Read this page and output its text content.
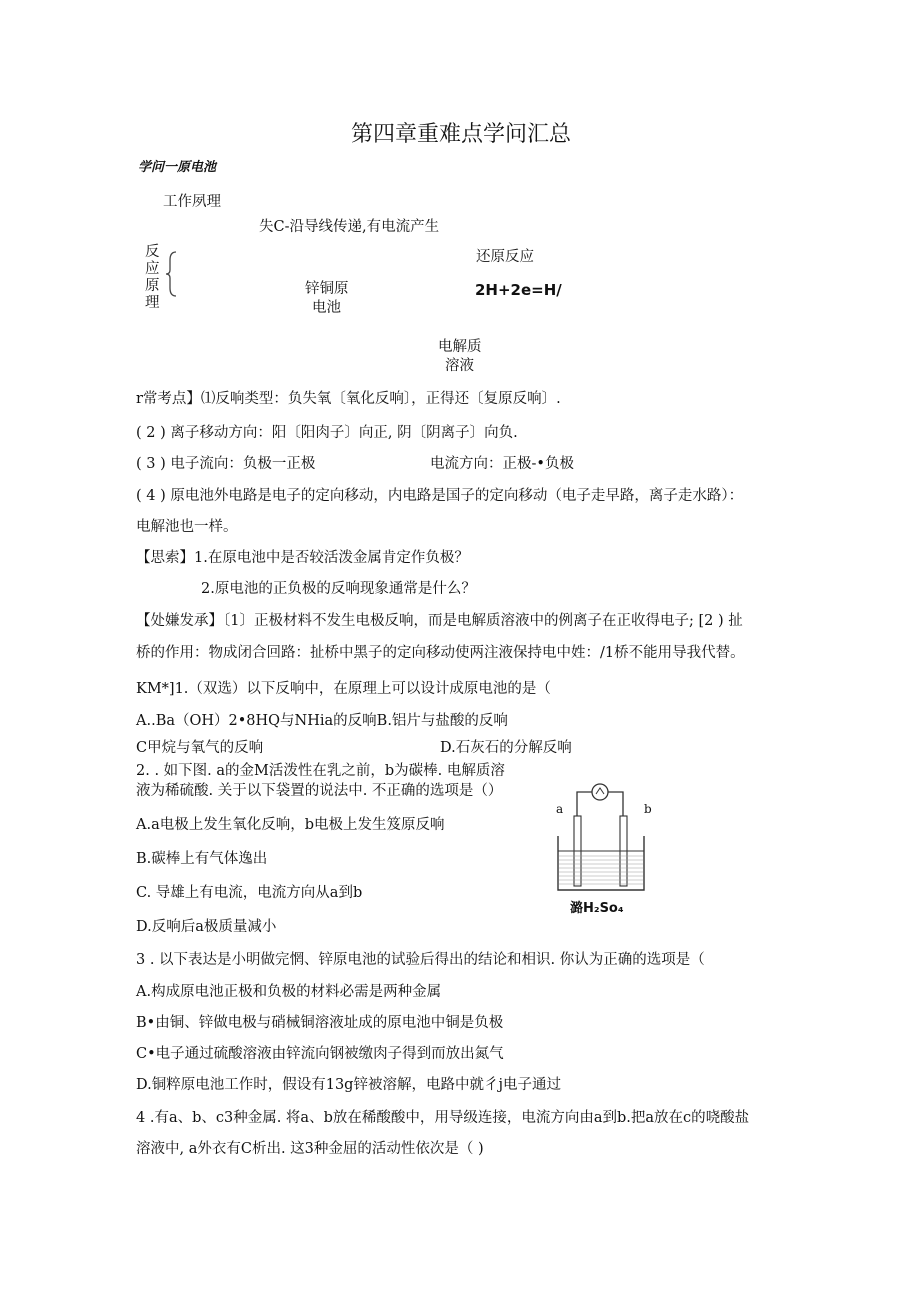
第四章重难点学问汇总
学问一原电池
工作夙理
失C-沿导线传递,有电流产生
反
应
原
理
还原反应
锌铜原
电池
2H+2e=H/
电解质
溶液
r常考点】⑴反响类型：负失氧〔氧化反响〕，正得还〔复原反响〕.
( 2 ) 离子移动方向：阳〔阳肉子〕向正, 阴〔阴离子〕向负.
( 3 ) 电子流向：负极一正极	电流方向：正极-•负极
( 4 ) 原电池外电路是电子的定向移动，内电路是国子的定向移动（电子走早路，离子走水路）：
电解池也一样。
【思索】1.在原电池中是否较活泼金属肯定作负极？
2.原电池的正负极的反响现象通常是什么？
【处嫌发承】〔1〕正极材料不发生电极反响，而是电解质溶液中的例离子在正收得电子; [2 ) 扯
桥的作用：物成闭合回路：扯桥中黑子的定向移动使两注液保持电中姓：/1桥不能用导我代替。
KM*]1.（双选）以下反响中，在原理上可以设计成原电池的是（
A..Ba（OH）2•8HQ与NHia的反响B.铝片与盐酸的反响
C甲烷与氧气的反响	D.石灰石的分解反响
2. . 如下图. a的金M活泼性在乳之前，b为碳棒. 电解质溶
液为稀硫酸. 关于以下袋置的说法中. 不正确的选项是（）
A.a电极上发生氧化反响，b电极上发生笈原反响
B.碳棒上有气体逸出
C. 导雄上有电流，电流方向从a到b
D.反响后a极质量减小
a	b
潞H₂So₄
3 . 以下表达是小明做完惘、锌原电池的试验后得出的结论和相识. 你认为正确的选项是（
A.构成原电池正极和负极的材料必需是两种金属
B•由铜、锌做电极与硝械铜溶液址成的原电池中铜是负极
C•电子通过硫酸溶液由锌流向钢被缴肉子得到而放出氮气
D.铜粹原电池工作时，假设有13g锌被溶解，电路中就彳j电子通过
4 .有a、b、c3种金属. 将a、b放在稀酸酸中，用导级连接，电流方向由a到b.把a放在c的哓酸盐
溶液中, a外衣有C析出. 这3种金屈的活动性依次是（ )
